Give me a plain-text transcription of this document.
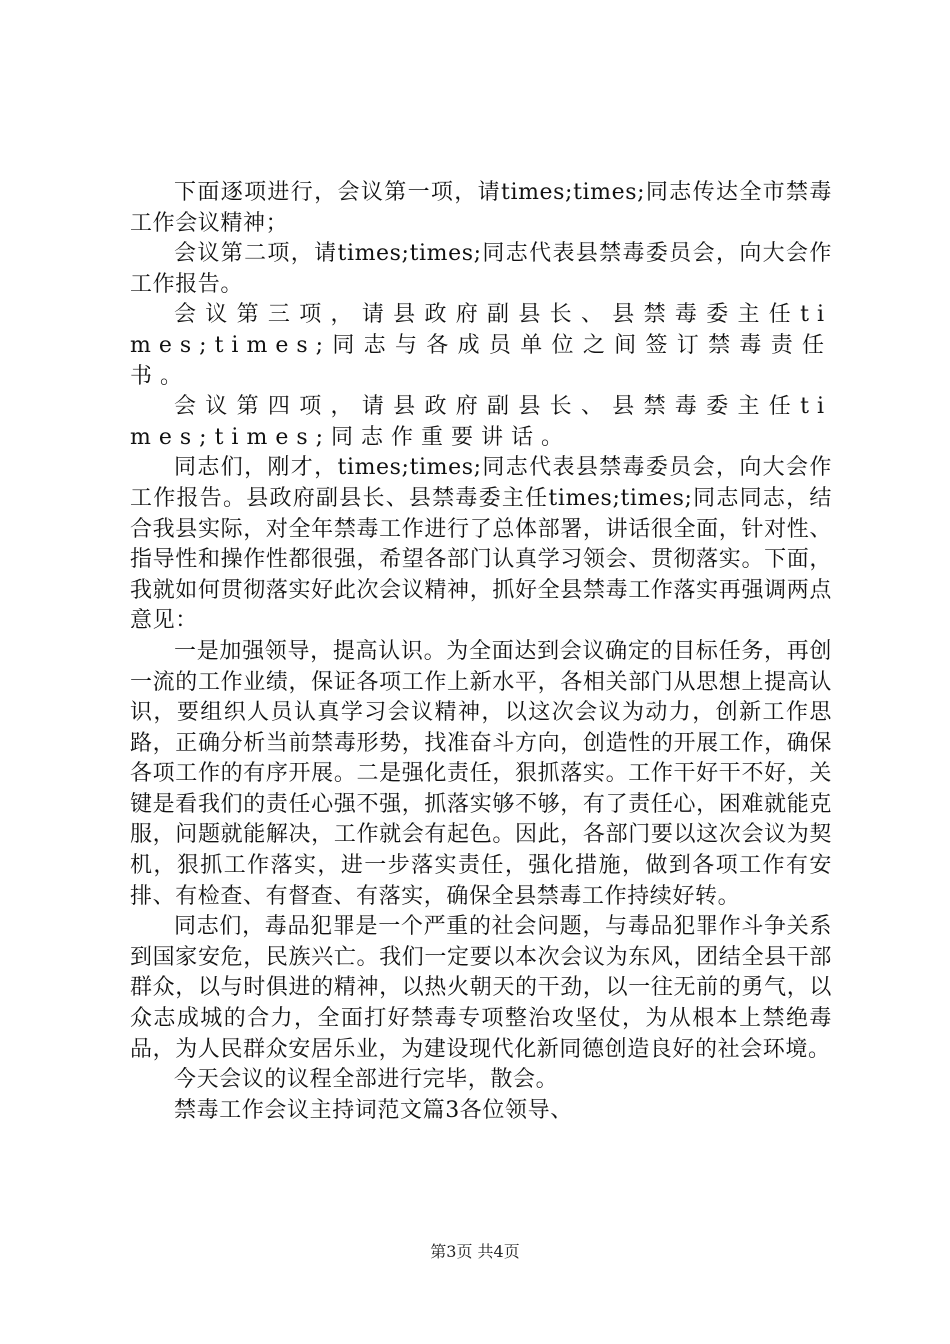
下面逐项进行，会议第一项，请times;times;同志传达全市禁毒工作会议精神；

会议第二项，请times;times;同志代表县禁毒委员会，向大会作工作报告。

会议第三项，请县政府副县长、县禁毒委主任times;times;同志与各成员单位之间签订禁毒责任书。

会议第四项，请县政府副县长、县禁毒委主任times;times;同志作重要讲话。

同志们，刚才，times;times;同志代表县禁毒委员会，向大会作工作报告。县政府副县长、县禁毒委主任times;times;同志同志，结合我县实际，对全年禁毒工作进行了总体部署，讲话很全面，针对性、指导性和操作性都很强，希望各部门认真学习领会、贯彻落实。下面，我就如何贯彻落实好此次会议精神，抓好全县禁毒工作落实再强调两点意见：

一是加强领导，提高认识。为全面达到会议确定的目标任务，再创一流的工作业绩，保证各项工作上新水平，各相关部门从思想上提高认识，要组织人员认真学习会议精神，以这次会议为动力，创新工作思路，正确分析当前禁毒形势，找准奋斗方向，创造性的开展工作，确保各项工作的有序开展。二是强化责任，狠抓落实。工作干好干不好，关键是看我们的责任心强不强，抓落实够不够，有了责任心，困难就能克服，问题就能解决，工作就会有起色。因此，各部门要以这次会议为契机，狠抓工作落实，进一步落实责任，强化措施，做到各项工作有安排、有检查、有督查、有落实，确保全县禁毒工作持续好转。

同志们，毒品犯罪是一个严重的社会问题，与毒品犯罪作斗争关系到国家安危，民族兴亡。我们一定要以本次会议为东风，团结全县干部群众，以与时俱进的精神，以热火朝天的干劲，以一往无前的勇气，以众志成城的合力，全面打好禁毒专项整治攻坚仗，为从根本上禁绝毒品，为人民群众安居乐业，为建设现代化新同德创造良好的社会环境。

今天会议的议程全部进行完毕，散会。

禁毒工作会议主持词范文篇3各位领导、

第3页 共4页
